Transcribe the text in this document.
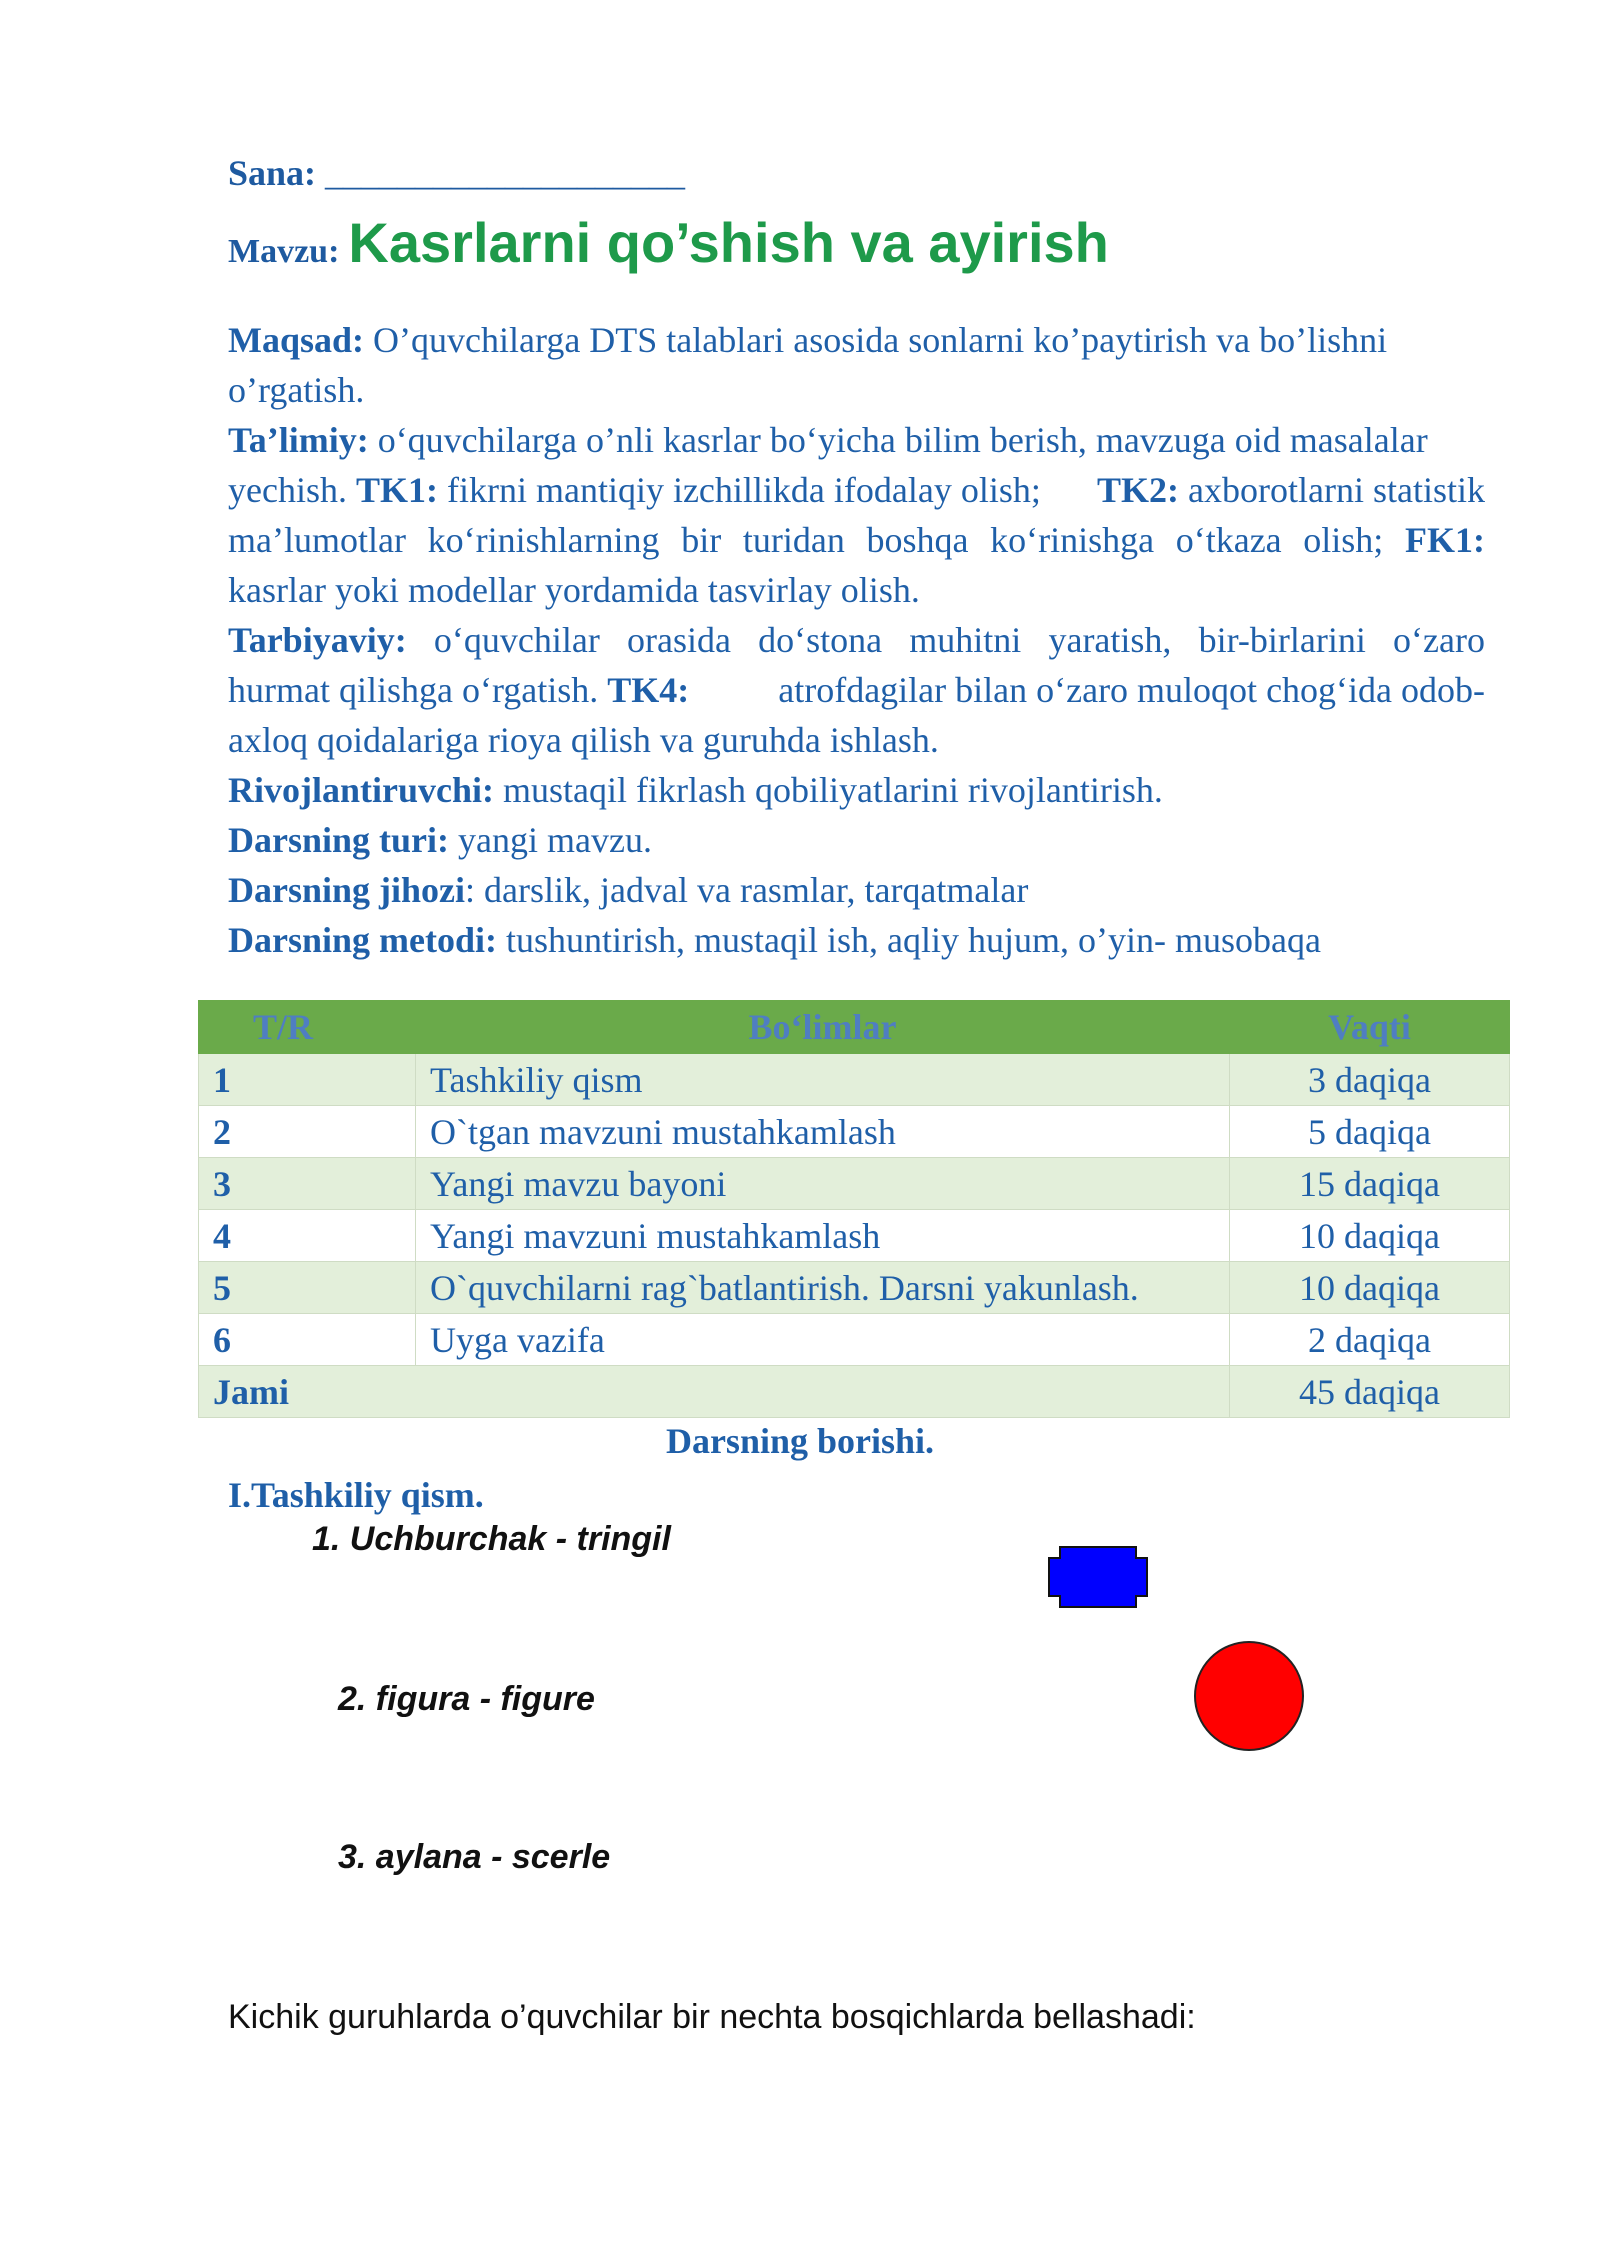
Sana: ____________________
Mavzu: Kasrlarni qo’shish va ayirish
Maqsad: O’quvchilarga DTS talablari asosida sonlarni ko’paytirish va bo’lishni
o’rgatish.
Ta’limiy: o‘quvchilarga o’nli kasrlar bo‘yicha bilim berish, mavzuga oid masalalar
yechish. TK1: fikrni mantiqiy izchillikda ifodalay olish; TK2: axborotlarni statistik
ma’lumotlar ko‘rinishlarning bir turidan boshqa ko‘rinishga o‘tkaza olish; FK1:
kasrlar yoki modellar yordamida tasvirlay olish.
Tarbiyaviy: o‘quvchilar orasida do‘stona muhitni yaratish, bir-birlarini o‘zaro
hurmat qilishga o‘rgatish. TK4: atrofdagilar bilan o‘zaro muloqot chog‘ida odob-
axloq qoidalariga rioya qilish va guruhda ishlash.
Rivojlantiruvchi: mustaqil fikrlash qobiliyatlarini rivojlantirish.
Darsning turi: yangi mavzu.
Darsning jihozi: darslik, jadval va rasmlar, tarqatmalar
Darsning metodi: tushuntirish, mustaqil ish, aqliy hujum, o’yin- musobaqa
T/R	Bo‘limlar	Vaqti
1	Tashkiliy qism	3 daqiqa
2	O`tgan mavzuni mustahkamlash	5 daqiqa
3	Yangi mavzu bayoni	15 daqiqa
4	Yangi mavzuni mustahkamlash	10 daqiqa
5	O`quvchilarni rag`batlantirish. Darsni yakunlash.	10 daqiqa
6	Uyga vazifa	2 daqiqa
Jami		45 daqiqa
Darsning borishi.
I.Tashkiliy qism.
1. Uchburchak - tringil
2. figura - figure
3. aylana - scerle
Kichik guruhlarda o’quvchilar bir nechta bosqichlarda bellashadi:
